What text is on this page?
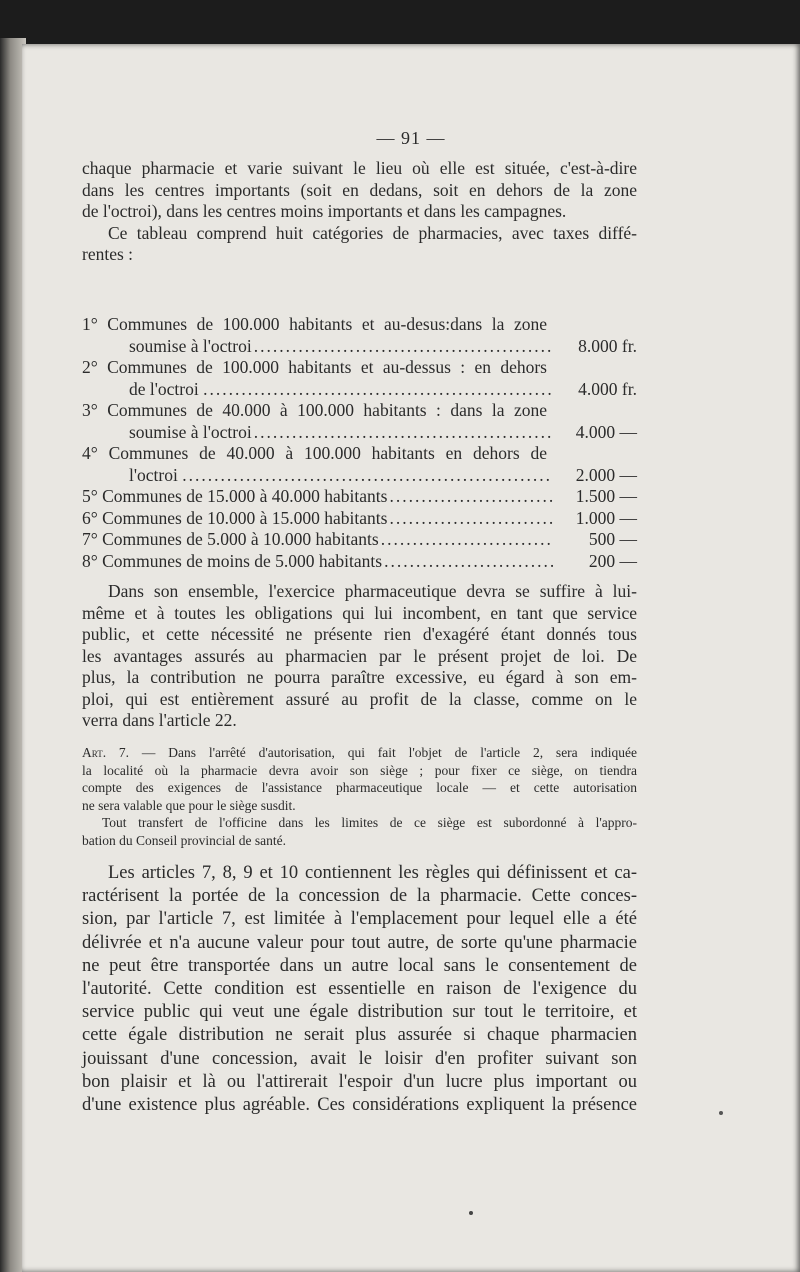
— 91 —
chaque pharmacie et varie suivant le lieu où elle est située, c'est-à-dire
dans les centres importants (soit en dedans, soit en dehors de la zone
de l'octroi), dans les centres moins importants et dans les campagnes.
Ce tableau comprend huit catégories de pharmacies, avec taxes diffé-
rentes :
1° Communes de 100.000 habitants et au-desus:dans la zone
soumise à l'octroi .....	8.000 fr.
2° Communes de 100.000 habitants et au-dessus : en dehors
de l'octroi . .....	4.000 fr.
3° Communes de 40.000 à 100.000 habitants : dans la zone
soumise à l'octroi .....	4.000 —
4° Communes de 40.000 à 100.000 habitants en dehors de
l'octroi . .....	2.000 —
5° Communes de 15.000 à 40.000 habitants .....	1.500 —
6° Communes de 10.000 à 15.000 habitants .....	1.000 —
7° Communes de 5.000 à 10.000 habitants .....	500 —
8° Communes de moins de 5.000 habitants .....	200 —
Dans son ensemble, l'exercice pharmaceutique devra se suffire à lui-
même et à toutes les obligations qui lui incombent, en tant que service
public, et cette nécessité ne présente rien d'exagéré étant donnés tous
les avantages assurés au pharmacien par le présent projet de loi. De
plus, la contribution ne pourra paraître excessive, eu égard à son em-
ploi, qui est entièrement assuré au profit de la classe, comme on le
verra dans l'article 22.
Art. 7. — Dans l'arrêté d'autorisation, qui fait l'objet de l'article 2, sera indiquée
la localité où la pharmacie devra avoir son siège ; pour fixer ce siège, on tiendra
compte des exigences de l'assistance pharmaceutique locale — et cette autorisation
ne sera valable que pour le siège susdit.
Tout transfert de l'officine dans les limites de ce siège est subordonné à l'appro-
bation du Conseil provincial de santé.
Les articles 7, 8, 9 et 10 contiennent les règles qui définissent et ca-
ractérisent la portée de la concession de la pharmacie. Cette conces-
sion, par l'article 7, est limitée à l'emplacement pour lequel elle a été
délivrée et n'a aucune valeur pour tout autre, de sorte qu'une pharmacie
ne peut être transportée dans un autre local sans le consentement de
l'autorité. Cette condition est essentielle en raison de l'exigence du
service public qui veut une égale distribution sur tout le territoire, et
cette égale distribution ne serait plus assurée si chaque pharmacien
jouissant d'une concession, avait le loisir d'en profiter suivant son
bon plaisir et là ou l'attirerait l'espoir d'un lucre plus important ou
d'une existence plus agréable. Ces considérations expliquent la présence
